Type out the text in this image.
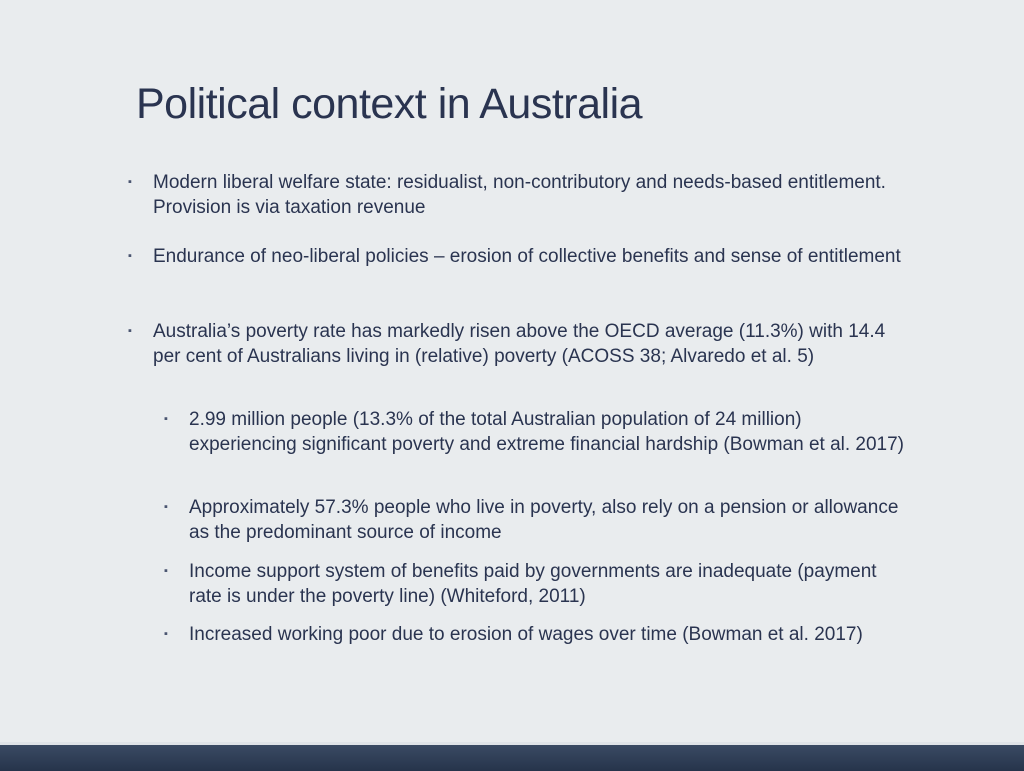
Political context in Australia
▪ Modern liberal welfare state: residualist, non-contributory and needs-based entitlement. Provision is via taxation revenue
▪ Endurance of neo-liberal policies – erosion of collective benefits and sense of entitlement
▪ Australia’s poverty rate has markedly risen above the OECD average (11.3%) with 14.4 per cent of Australians living in (relative) poverty (ACOSS 38; Alvaredo et al. 5)
▪ 2.99 million people (13.3% of the total Australian population of 24 million) experiencing significant poverty and extreme financial hardship (Bowman et al. 2017)
▪ Approximately 57.3% people who live in poverty, also rely on a pension or allowance as the predominant source of income
▪ Income support system of benefits paid by governments are inadequate (payment rate is under the poverty line) (Whiteford, 2011)
▪ Increased working poor due to erosion of wages over time (Bowman et al. 2017)
